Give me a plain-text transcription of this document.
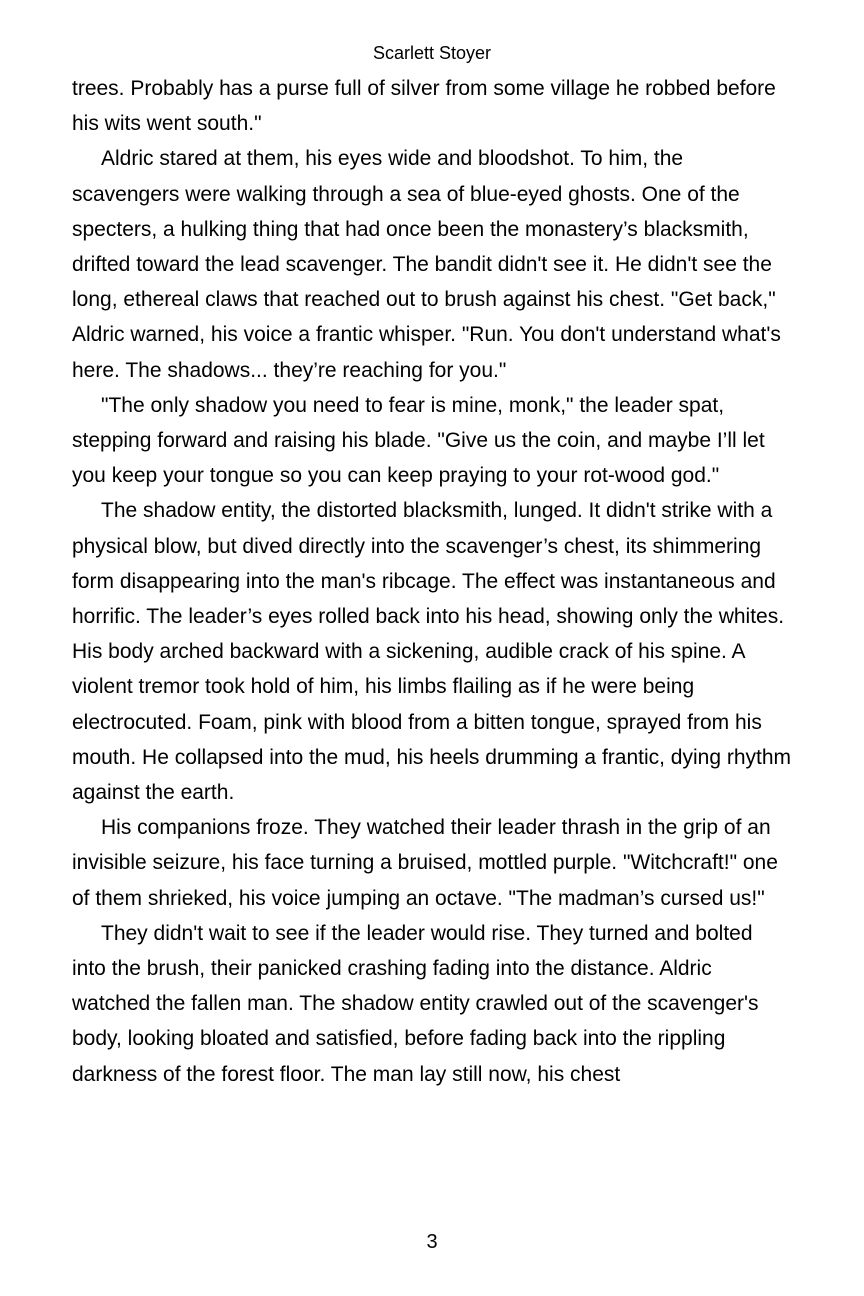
Scarlett Stoyer

trees. Probably has a purse full of silver from some village he robbed before his wits went south."

Aldric stared at them, his eyes wide and bloodshot. To him, the scavengers were walking through a sea of blue-eyed ghosts. One of the specters, a hulking thing that had once been the monastery’s blacksmith, drifted toward the lead scavenger. The bandit didn't see it. He didn't see the long, ethereal claws that reached out to brush against his chest. "Get back," Aldric warned, his voice a frantic whisper. "Run. You don't understand what's here. The shadows... they’re reaching for you."

"The only shadow you need to fear is mine, monk," the leader spat, stepping forward and raising his blade. "Give us the coin, and maybe I’ll let you keep your tongue so you can keep praying to your rot-wood god."

The shadow entity, the distorted blacksmith, lunged. It didn't strike with a physical blow, but dived directly into the scavenger’s chest, its shimmering form disappearing into the man's ribcage. The effect was instantaneous and horrific. The leader’s eyes rolled back into his head, showing only the whites. His body arched backward with a sickening, audible crack of his spine. A violent tremor took hold of him, his limbs flailing as if he were being electrocuted. Foam, pink with blood from a bitten tongue, sprayed from his mouth. He collapsed into the mud, his heels drumming a frantic, dying rhythm against the earth.

His companions froze. They watched their leader thrash in the grip of an invisible seizure, his face turning a bruised, mottled purple. "Witchcraft!" one of them shrieked, his voice jumping an octave. "The madman’s cursed us!"

They didn't wait to see if the leader would rise. They turned and bolted into the brush, their panicked crashing fading into the distance. Aldric watched the fallen man. The shadow entity crawled out of the scavenger's body, looking bloated and satisfied, before fading back into the rippling darkness of the forest floor. The man lay still now, his chest

3
